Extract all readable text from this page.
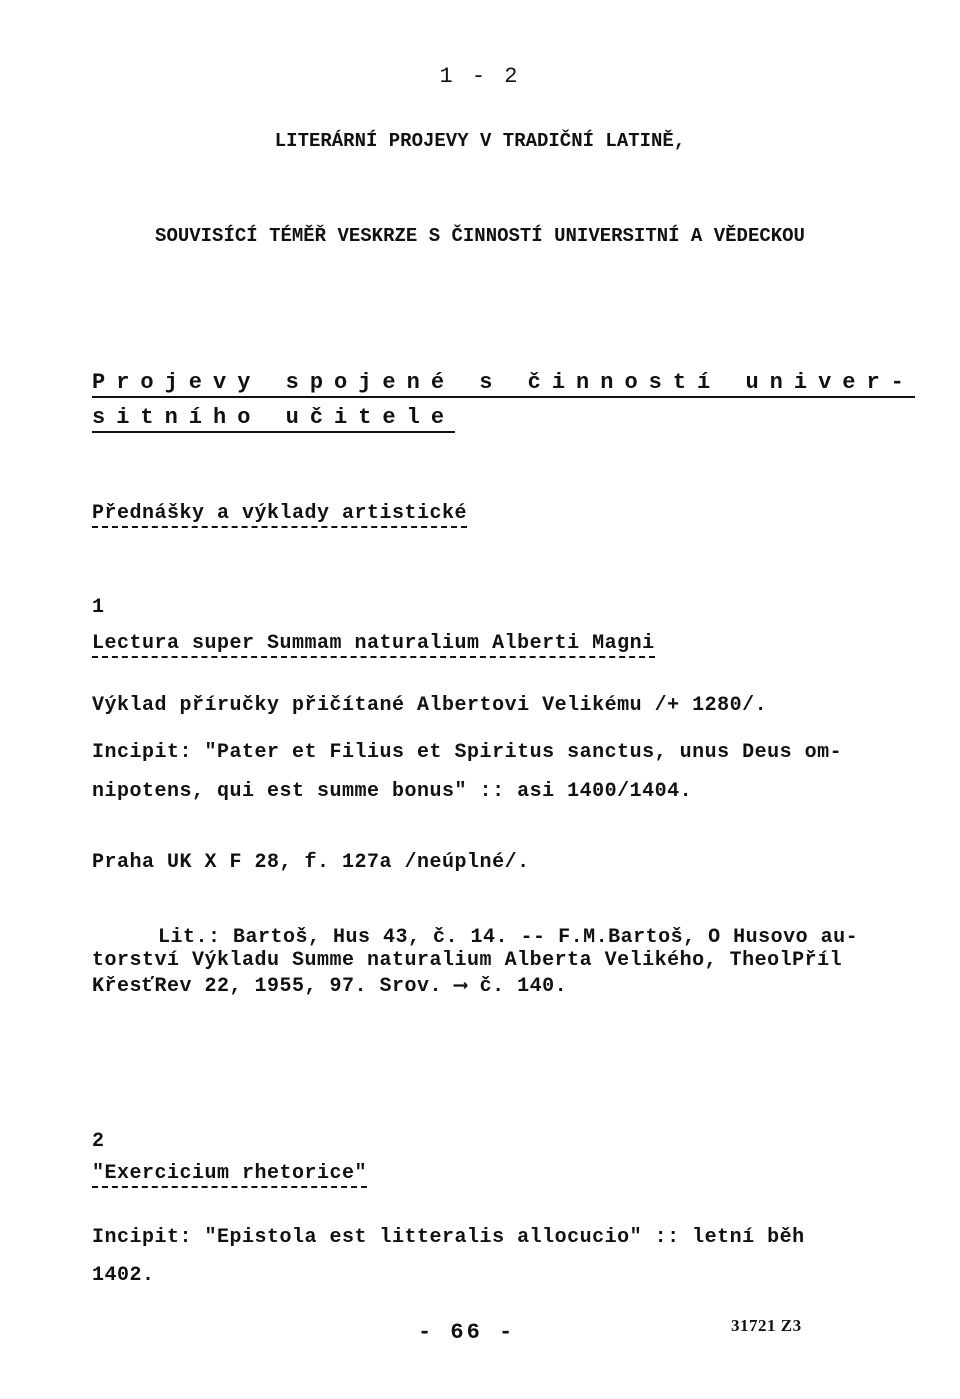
1 - 2
LITERÁRNÍ PROJEVY V TRADIČNÍ LATINĚ,
SOUVISÍCÍ TÉMĚŘ VESKRZE S ČINNOSTÍ UNIVERSITNÍ A VĚDECKOU
Projevy spojené s činností univer-
sitního učitele
Přednášky a výklady artistické
1
Lectura super Summam naturalium Alberti Magni
Výklad příručky přičítané Albertovi Velikému /+ 1280/.
Incipit: "Pater et Filius et Spiritus sanctus, unus Deus om-
nipotens, qui est summe bonus" :: asi 1400/1404.
Praha UK X F 28, f. 127a /neúplné/.
Lit.: Bartoš, Hus 43, č. 14. -- F.M.Bartoš, O Husovo au-
torství Výkladu Summe naturalium Alberta Velikého, TheolPříl
KřesťRev 22, 1955, 97. Srov. ⟶ č. 140.
2
"Exercicium rhetorice"
Incipit: "Epistola est litteralis allocucio" :: letní běh
1402.
- 66 -	31721 Z3
